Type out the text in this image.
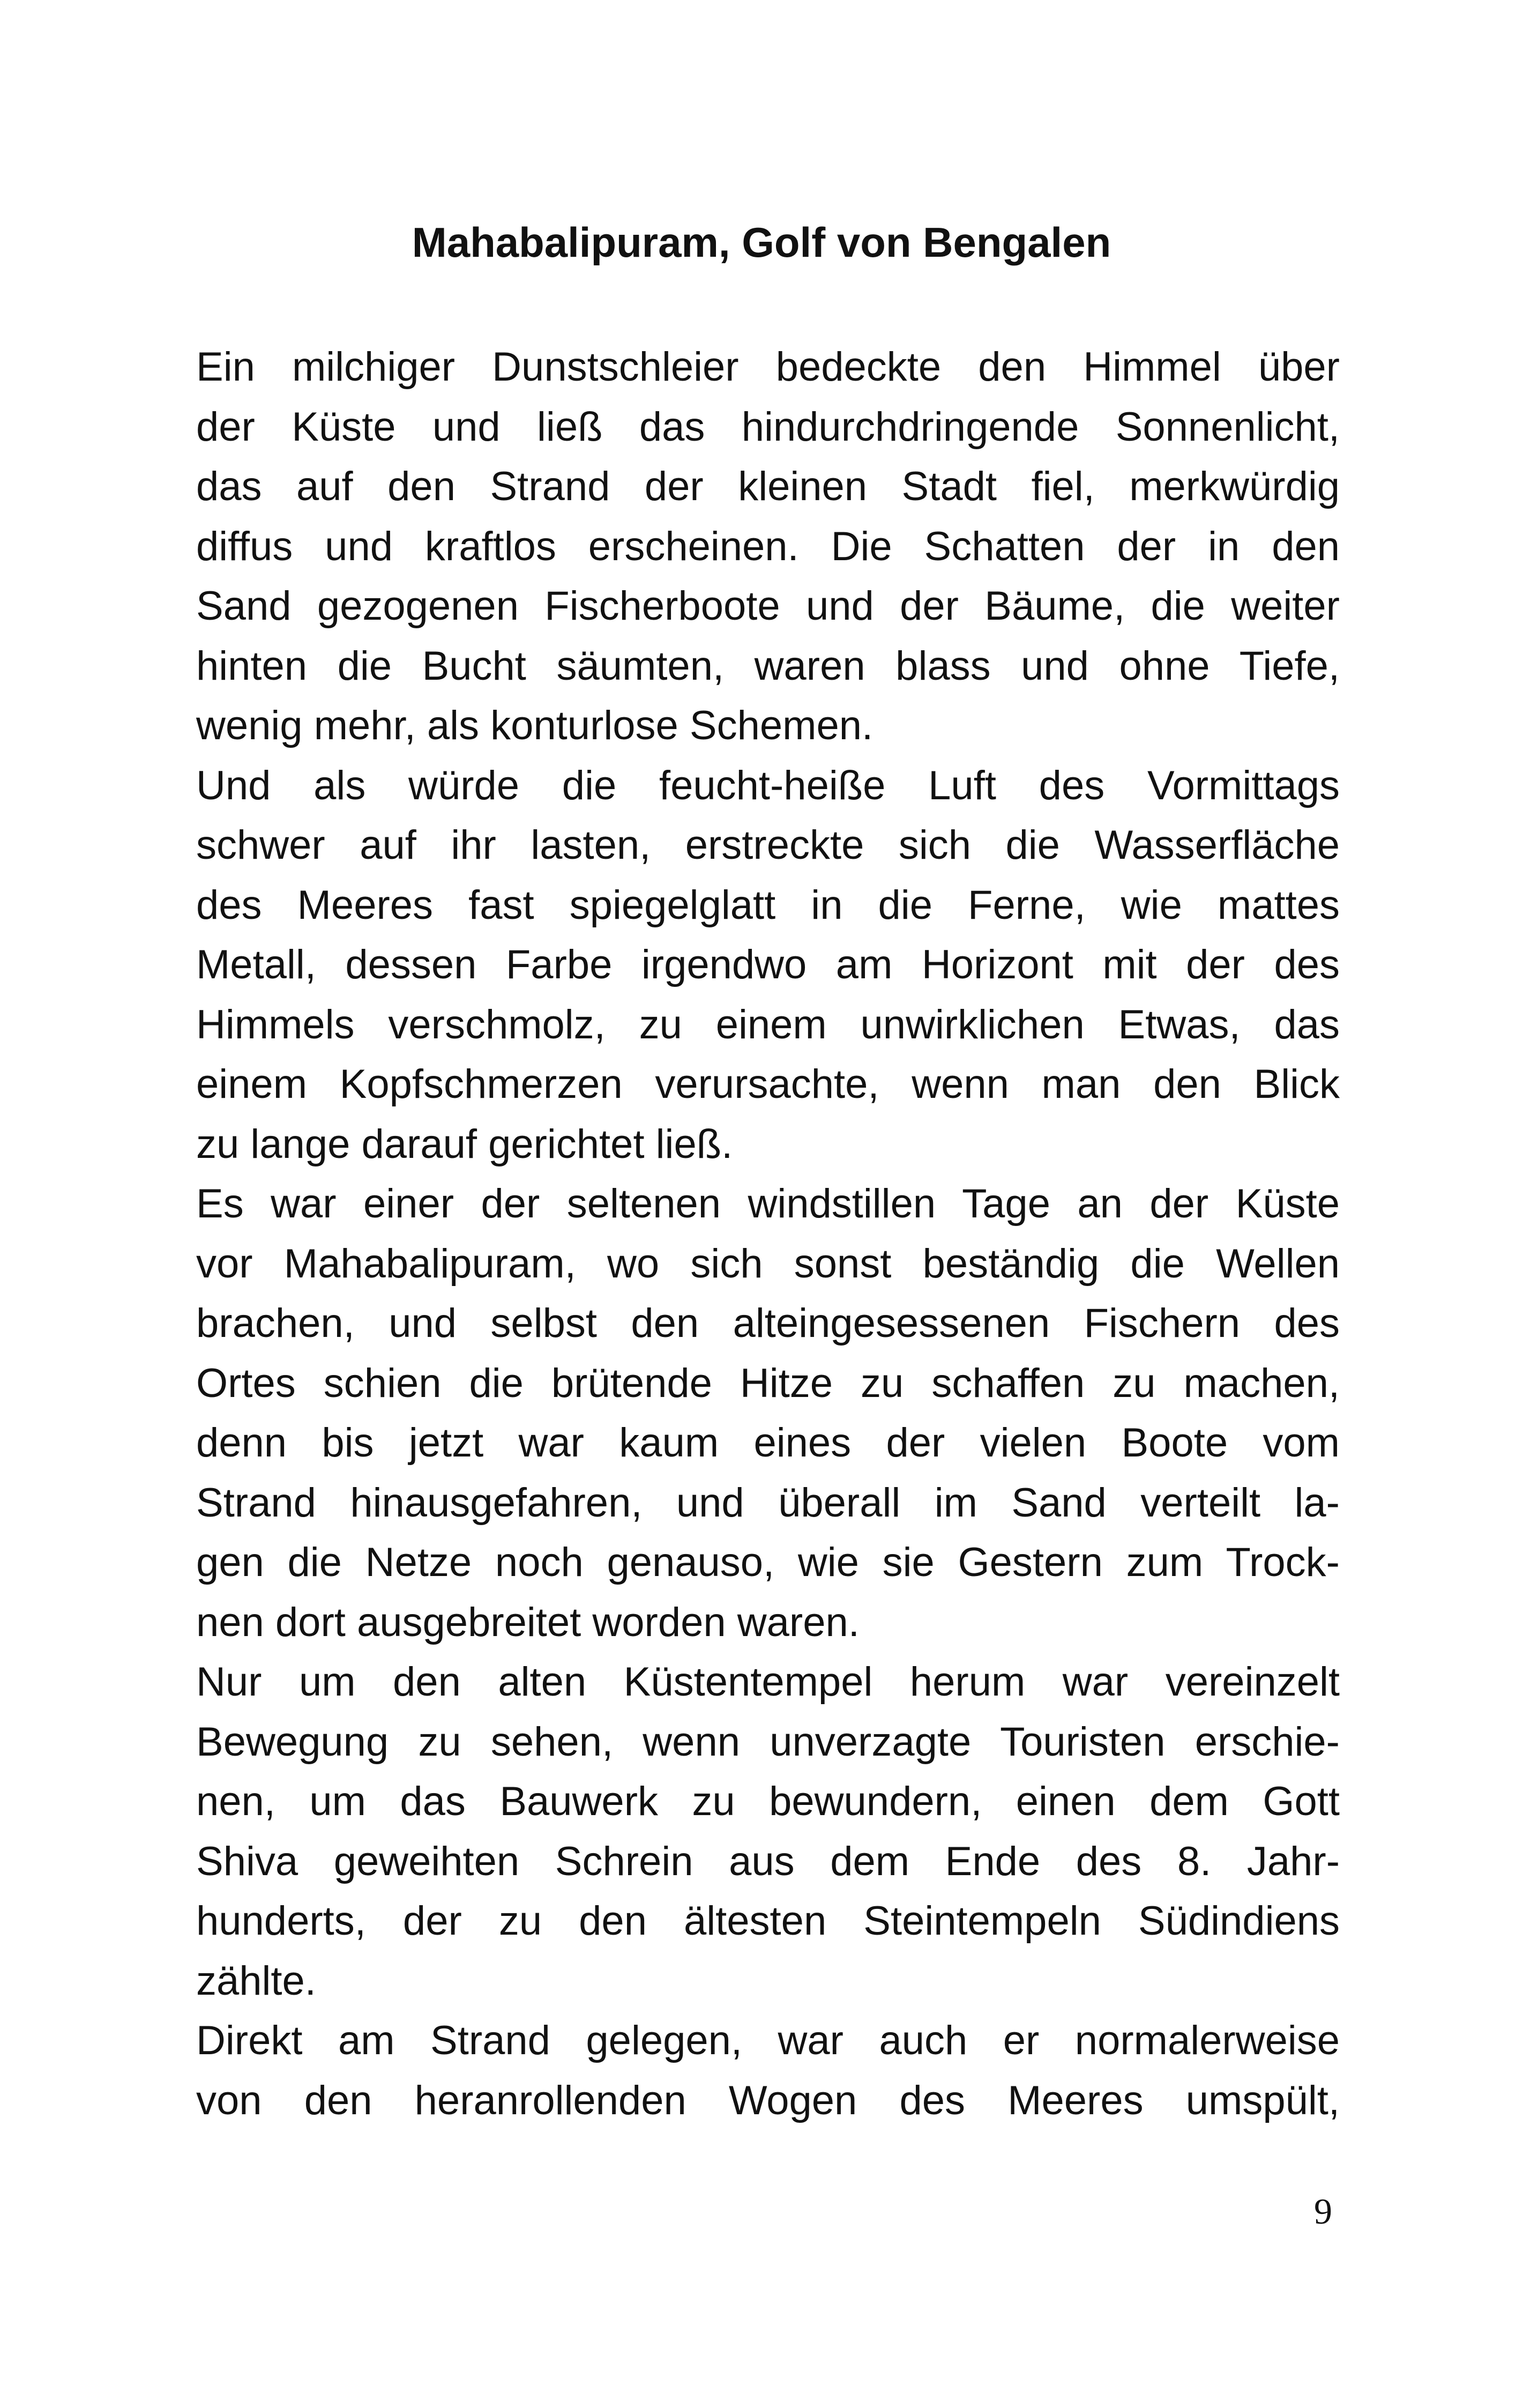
Mahabalipuram, Golf von Bengalen
Ein milchiger Dunstschleier bedeckte den Himmel über
der Küste und ließ das hindurchdringende Sonnenlicht,
das auf den Strand der kleinen Stadt fiel, merkwürdig
diffus und kraftlos erscheinen. Die Schatten der in den
Sand gezogenen Fischerboote und der Bäume, die weiter
hinten die Bucht säumten, waren blass und ohne Tiefe,
wenig mehr, als konturlose Schemen.
Und als würde die feucht-heiße Luft des Vormittags
schwer auf ihr lasten, erstreckte sich die Wasserfläche
des Meeres fast spiegelglatt in die Ferne, wie mattes
Metall, dessen Farbe irgendwo am Horizont mit der des
Himmels verschmolz, zu einem unwirklichen Etwas, das
einem Kopfschmerzen verursachte, wenn man den Blick
zu lange darauf gerichtet ließ.
Es war einer der seltenen windstillen Tage an der Küste
vor Mahabalipuram, wo sich sonst beständig die Wellen
brachen, und selbst den alteingesessenen Fischern des
Ortes schien die brütende Hitze zu schaffen zu machen,
denn bis jetzt war kaum eines der vielen Boote vom
Strand hinausgefahren, und überall im Sand verteilt la-
gen die Netze noch genauso, wie sie Gestern zum Trock-
nen dort ausgebreitet worden waren.
Nur um den alten Küstentempel herum war vereinzelt
Bewegung zu sehen, wenn unverzagte Touristen erschie-
nen, um das Bauwerk zu bewundern, einen dem Gott
Shiva geweihten Schrein aus dem Ende des 8. Jahr-
hunderts, der zu den ältesten Steintempeln Südindiens
zählte.
Direkt am Strand gelegen, war auch er normalerweise
von den heranrollenden Wogen des Meeres umspült,
9
